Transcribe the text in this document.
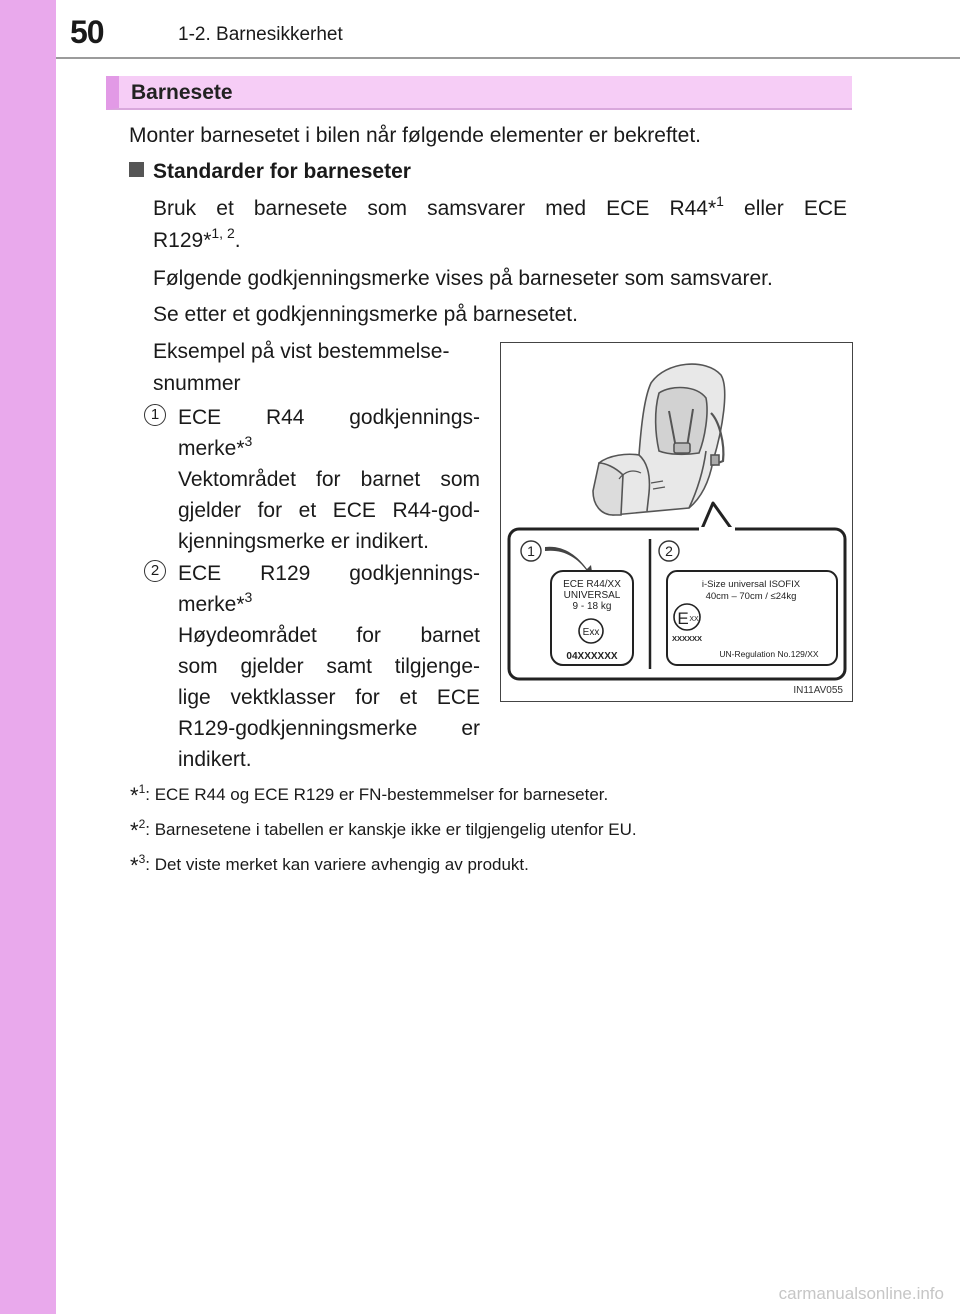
50	1-2. Barnesikkerhet
Barnesete
Monter barnesetet i bilen når følgende elementer er bekreftet.
Standarder for barneseter
Bruk et barnesete som samsvarer med ECE R44*$^1$ eller ECE
R129*$^{1, 2}$.
Følgende godkjenningsmerke vises på barneseter som samsvarer.
Se etter et godkjenningsmerke på barnesetet.
Eksempel på vist bestemmelse-
snummer
1 ECE R44 godkjennings-
merke*$^3$
Vektområdet for barnet som
gjelder for et ECE R44-god-
kjenningsmerke er indikert.
2 ECE R129 godkjennings-
merke*$^3$
Høydeområdet for barnet
som gjelder samt tilgjenge-
lige vektklasser for et ECE
R129-godkjenningsmerke er
indikert.
*$^1$: ECE R44 og ECE R129 er FN-bestemmelser for barneseter.
*$^2$: Barnesetene i tabellen er kanskje ikke er tilgjengelig utenfor EU.
*$^3$: Det viste merket kan variere avhengig av produkt.
1	2
ECE R44/XX
UNIVERSAL
9 - 18 kg
Exx
04XXXXXX
i-Size universal ISOFIX
40cm – 70cm / ≤24kg
E XX
XXXXXX
UN-Regulation No.129/XX
IN11AV055
carmanualsonline.info
